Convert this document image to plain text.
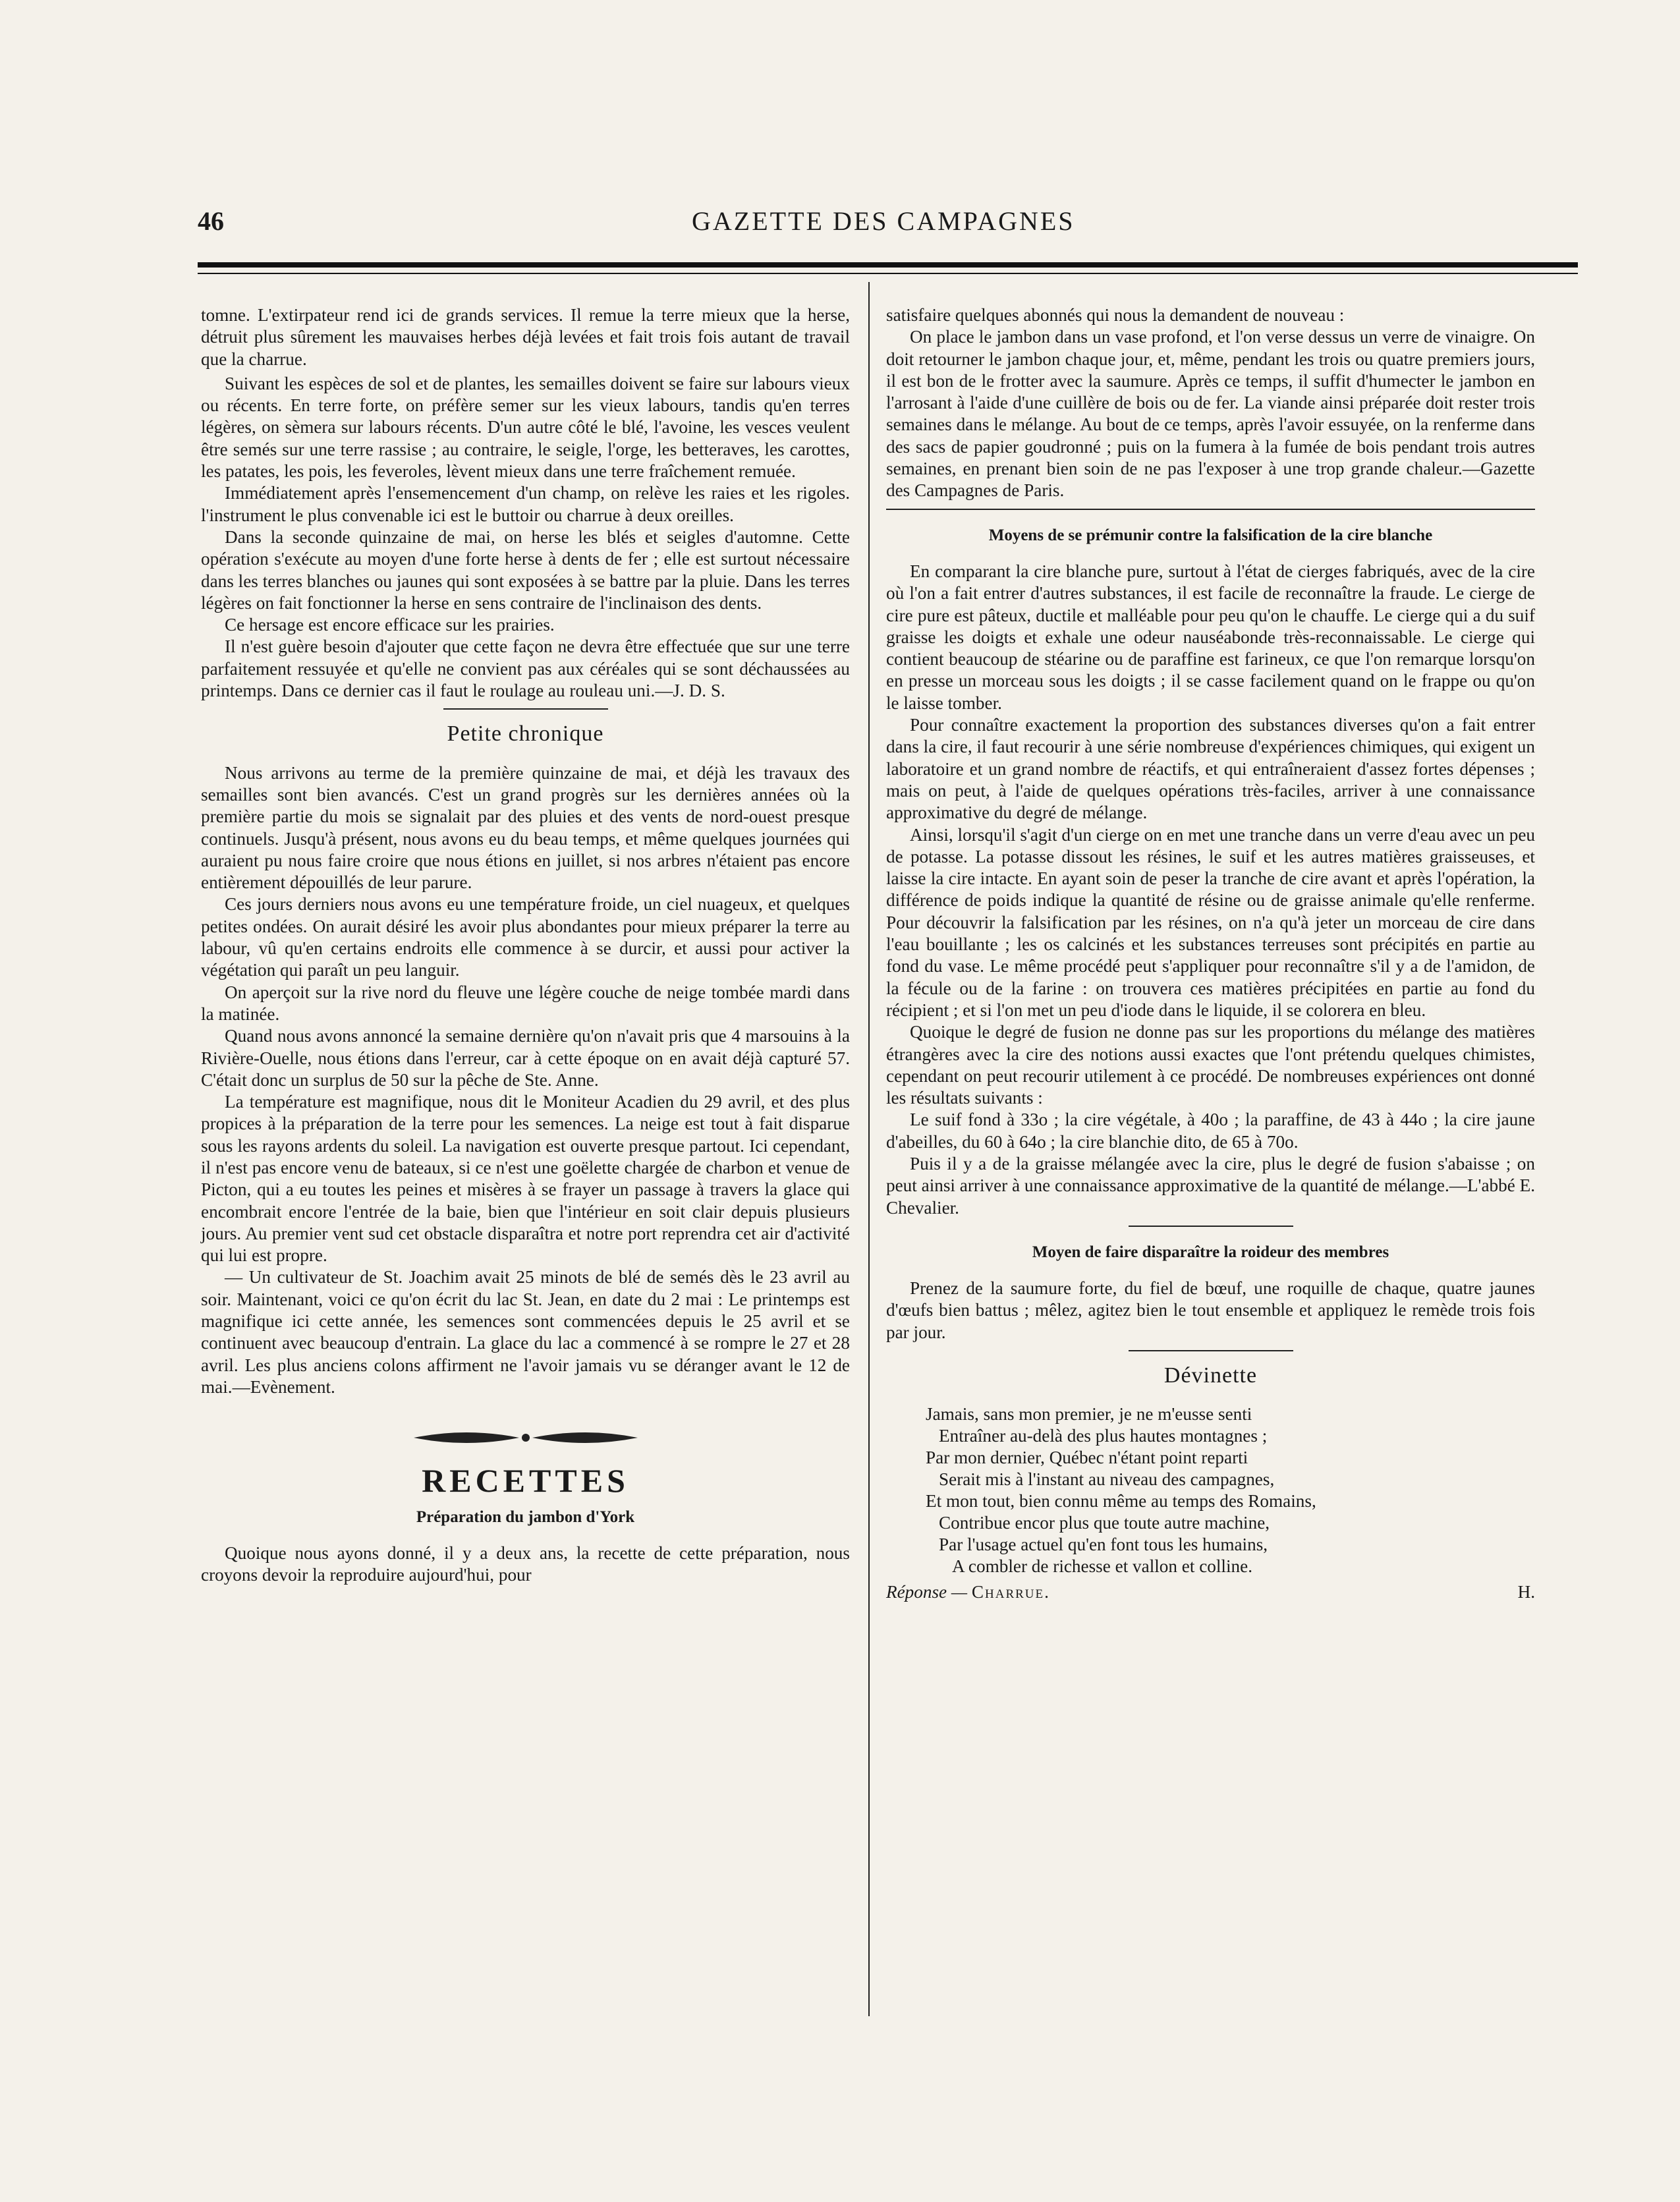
46	GAZETTE DES CAMPAGNES

tomne. L'extirpateur rend ici de grands services. Il remue la terre mieux que la herse, détruit plus sûrement les mauvaises herbes déjà levées et fait trois fois autant de travail que la charrue.

Suivant les espèces de sol et de plantes, les semailles doivent se faire sur labours vieux ou récents. En terre forte, on préfère semer sur les vieux labours, tandis qu'en terres légères, on sèmera sur labours récents. D'un autre côté le blé, l'avoine, les vesces veulent être semés sur une terre rassise ; au contraire, le seigle, l'orge, les betteraves, les carottes, les patates, les pois, les feveroles, lèvent mieux dans une terre fraîchement remuée.

Immédiatement après l'ensemencement d'un champ, on relève les raies et les rigoles. l'instrument le plus convenable ici est le buttoir ou charrue à deux oreilles.

Dans la seconde quinzaine de mai, on herse les blés et seigles d'automne. Cette opération s'exécute au moyen d'une forte herse à dents de fer ; elle est surtout nécessaire dans les terres blanches ou jaunes qui sont exposées à se battre par la pluie. Dans les terres légères on fait fonctionner la herse en sens contraire de l'inclinaison des dents.

Ce hersage est encore efficace sur les prairies.

Il n'est guère besoin d'ajouter que cette façon ne devra être effectuée que sur une terre parfaitement ressuyée et qu'elle ne convient pas aux céréales qui se sont déchaussées au printemps. Dans ce dernier cas il faut le roulage au rouleau uni.—J. D. S.

Petite chronique

Nous arrivons au terme de la première quinzaine de mai, et déjà les travaux des semailles sont bien avancés. C'est un grand progrès sur les dernières années où la première partie du mois se signalait par des pluies et des vents de nord-ouest presque continuels. Jusqu'à présent, nous avons eu du beau temps, et même quelques journées qui auraient pu nous faire croire que nous étions en juillet, si nos arbres n'étaient pas encore entièrement dépouillés de leur parure.

Ces jours derniers nous avons eu une température froide, un ciel nuageux, et quelques petites ondées. On aurait désiré les avoir plus abondantes pour mieux préparer la terre au labour, vû qu'en certains endroits elle commence à se durcir, et aussi pour activer la végétation qui paraît un peu languir.

On aperçoit sur la rive nord du fleuve une légère couche de neige tombée mardi dans la matinée.

Quand nous avons annoncé la semaine dernière qu'on n'avait pris que 4 marsouins à la Rivière-Ouelle, nous étions dans l'erreur, car à cette époque on en avait déjà capturé 57. C'était donc un surplus de 50 sur la pêche de Ste. Anne.

La température est magnifique, nous dit le Moniteur Acadien du 29 avril, et des plus propices à la préparation de la terre pour les semences. La neige est tout à fait disparue sous les rayons ardents du soleil. La navigation est ouverte presque partout. Ici cependant, il n'est pas encore venu de bateaux, si ce n'est une goëlette chargée de charbon et venue de Picton, qui a eu toutes les peines et misères à se frayer un passage à travers la glace qui encombrait encore l'entrée de la baie, bien que l'intérieur en soit clair depuis plusieurs jours. Au premier vent sud cet obstacle disparaîtra et notre port reprendra cet air d'activité qui lui est propre.

— Un cultivateur de St. Joachim avait 25 minots de blé de semés dès le 23 avril au soir. Maintenant, voici ce qu'on écrit du lac St. Jean, en date du 2 mai : Le printemps est magnifique ici cette année, les semences sont commencées depuis le 25 avril et se continuent avec beaucoup d'entrain. La glace du lac a commencé à se rompre le 27 et 28 avril. Les plus anciens colons affirment ne l'avoir jamais vu se déranger avant le 12 de mai.—Evènement.

RECETTES
Préparation du jambon d'York

Quoique nous ayons donné, il y a deux ans, la recette de cette préparation, nous croyons devoir la reproduire aujourd'hui, pour

satisfaire quelques abonnés qui nous la demandent de nouveau :

On place le jambon dans un vase profond, et l'on verse dessus un verre de vinaigre. On doit retourner le jambon chaque jour, et, même, pendant les trois ou quatre premiers jours, il est bon de le frotter avec la saumure. Après ce temps, il suffit d'humecter le jambon en l'arrosant à l'aide d'une cuillère de bois ou de fer. La viande ainsi préparée doit rester trois semaines dans le mélange. Au bout de ce temps, après l'avoir essuyée, on la renferme dans des sacs de papier goudronné ; puis on la fumera à la fumée de bois pendant trois autres semaines, en prenant bien soin de ne pas l'exposer à une trop grande chaleur.—Gazette des Campagnes de Paris.

Moyens de se prémunir contre la falsification de la cire blanche

En comparant la cire blanche pure, surtout à l'état de cierges fabriqués, avec de la cire où l'on a fait entrer d'autres substances, il est facile de reconnaître la fraude. Le cierge de cire pure est pâteux, ductile et malléable pour peu qu'on le chauffe. Le cierge qui a du suif graisse les doigts et exhale une odeur nauséabonde très-reconnaissable. Le cierge qui contient beaucoup de stéarine ou de paraffine est farineux, ce que l'on remarque lorsqu'on en presse un morceau sous les doigts ; il se casse facilement quand on le frappe ou qu'on le laisse tomber.

Pour connaître exactement la proportion des substances diverses qu'on a fait entrer dans la cire, il faut recourir à une série nombreuse d'expériences chimiques, qui exigent un laboratoire et un grand nombre de réactifs, et qui entraîneraient d'assez fortes dépenses ; mais on peut, à l'aide de quelques opérations très-faciles, arriver à une connaissance approximative du degré de mélange.

Ainsi, lorsqu'il s'agit d'un cierge on en met une tranche dans un verre d'eau avec un peu de potasse. La potasse dissout les résines, le suif et les autres matières graisseuses, et laisse la cire intacte. En ayant soin de peser la tranche de cire avant et après l'opération, la différence de poids indique la quantité de résine ou de graisse animale qu'elle renferme. Pour découvrir la falsification par les résines, on n'a qu'à jeter un morceau de cire dans l'eau bouillante ; les os calcinés et les substances terreuses sont précipités en partie au fond du vase. Le même procédé peut s'appliquer pour reconnaître s'il y a de l'amidon, de la fécule ou de la farine : on trouvera ces matières précipitées en partie au fond du récipient ; et si l'on met un peu d'iode dans le liquide, il se colorera en bleu.

Quoique le degré de fusion ne donne pas sur les proportions du mélange des matières étrangères avec la cire des notions aussi exactes que l'ont prétendu quelques chimistes, cependant on peut recourir utilement à ce procédé. De nombreuses expériences ont donné les résultats suivants :

Le suif fond à 33o ; la cire végétale, à 40o ; la paraffine, de 43 à 44o ; la cire jaune d'abeilles, du 60 à 64o ; la cire blanchie dito, de 65 à 70o.

Puis il y a de la graisse mélangée avec la cire, plus le degré de fusion s'abaisse ; on peut ainsi arriver à une connaissance approximative de la quantité de mélange.—L'abbé E. Chevalier.

Moyen de faire disparaître la roideur des membres

Prenez de la saumure forte, du fiel de bœuf, une roquille de chaque, quatre jaunes d'œufs bien battus ; mêlez, agitez bien le tout ensemble et appliquez le remède trois fois par jour.

Dévinette
Jamais, sans mon premier, je ne m'eusse senti
Entraîner au-delà des plus hautes montagnes ;
Par mon dernier, Québec n'étant point reparti
Serait mis à l'instant au niveau des campagnes,
Et mon tout, bien connu même au temps des Romains,
Contribue encor plus que toute autre machine,
Par l'usage actuel qu'en font tous les humains,
A combler de richesse et vallon et colline.
Réponse — Charrue.	H.
